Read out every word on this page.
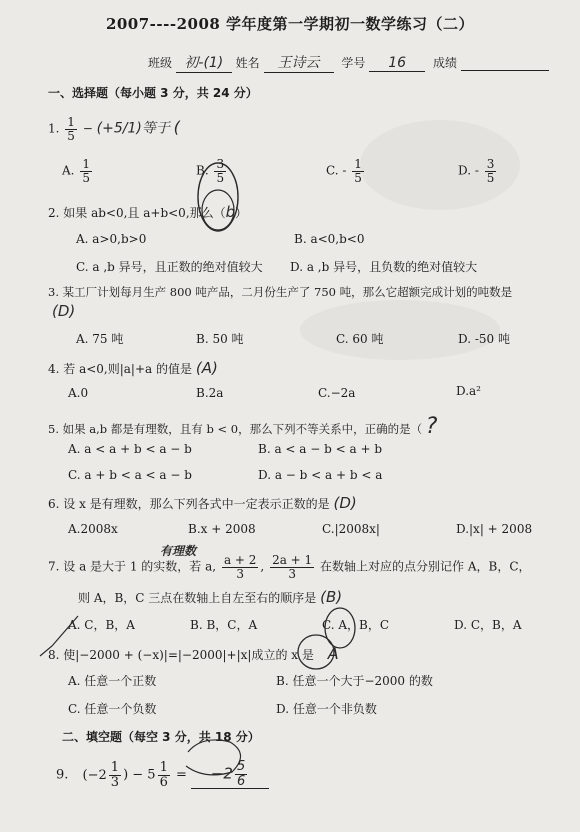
2007----2008 学年度第一学期初一数学练习（二）
班级 初-(1) 姓名 王诗云 学号 16 成绩
一、选择题（每小题 3 分，共 24 分）
1. $\frac{1}{5} - (+5/1)$等于 (
A. $\frac{1}{5}$	B. $\frac{3}{5}$	C. - $\frac{1}{5}$	D. - $\frac{3}{5}$
2. 如果 ab<0,且 a+b<0,那么（b）
A. a>0,b>0	B. a<0,b<0
C. a ,b 异号，且正数的绝对值较大 D. a ,b 异号，且负数的绝对值较大
3. 某工厂计划每月生产 800 吨产品，二月份生产了 750 吨，那么它超额完成计划的吨数是
(D)
A. 75 吨	B. 50 吨	C. 60 吨	D. -50 吨
4. 若 a<0,则|a|+a 的值是 (A)
A.0	B.2a	C.−2a	D.a²
5. 如果 a,b 都是有理数，且有 b < 0，那么下列不等关系中，正确的是（ ?
A. a < a + b < a − b	B. a < a − b < a + b
C. a + b < a < a − b	D. a − b < a + b < a
6. 设 x 是有理数，那么下列各式中一定表示正数的是 (D)
A.2008x	B.x + 2008	C.|2008x|	D.|x| + 2008
有理数
7. 设 a 是大于 1 的实数，若 a, $\frac{a + 2}{3}$ , $\frac{2a + 1}{3}$ 在数轴上对应的点分别记作 A，B，C，
则 A，B，C 三点在数轴上自左至右的顺序是 (B)
A. C，B，A	B. B，C，A	C. A，B，C	D. C，B，A
8. 使|−2000 + (−x)|=|−2000|+|x|成立的 x 是 A
A. 任意一个正数	B. 任意一个大于−2000 的数
C. 任意一个负数	D. 任意一个非负数
二、填空题（每空 3 分，共 18 分）
9. ($-2 \frac{1}{3}$ ) − $5 \frac{1}{6} = -2 \frac{5}{6}$
